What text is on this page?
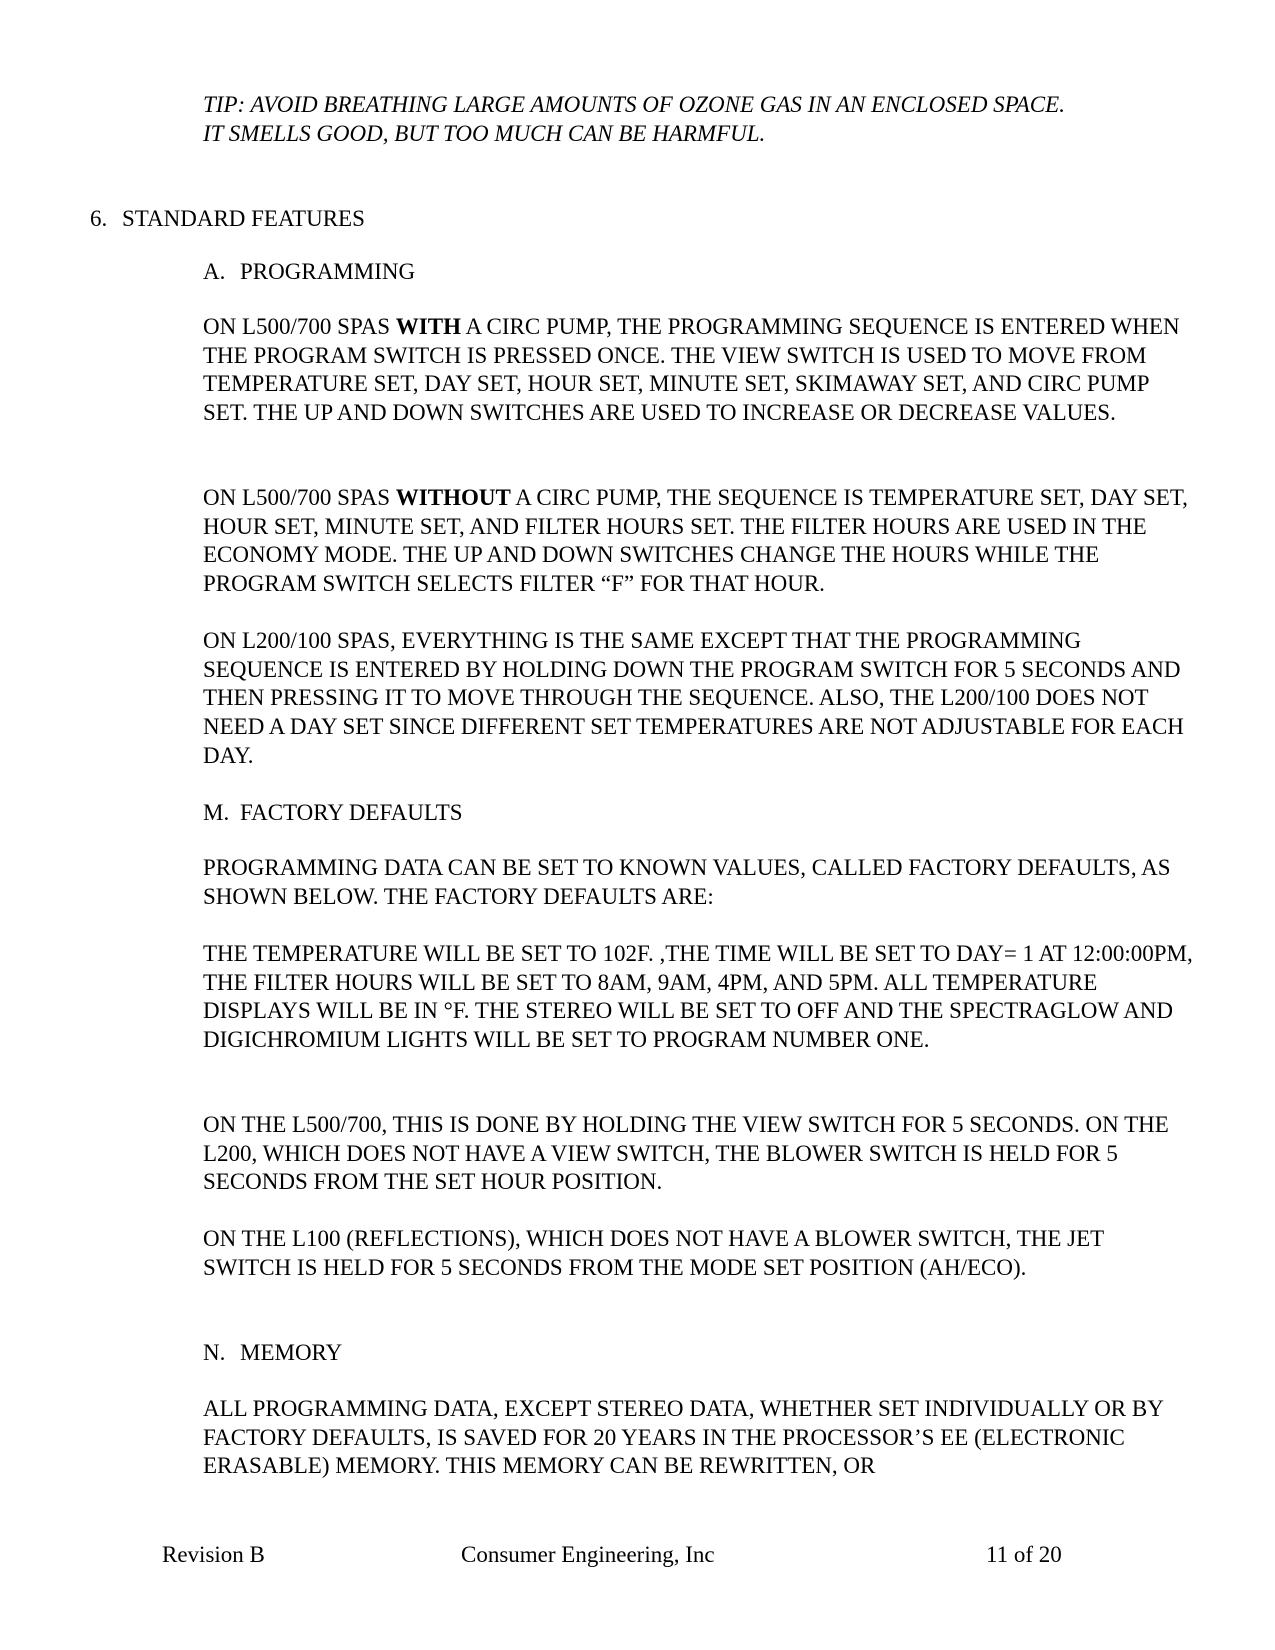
TIP: AVOID BREATHING LARGE AMOUNTS OF OZONE GAS IN AN ENCLOSED SPACE.
IT SMELLS GOOD, BUT TOO MUCH CAN BE HARMFUL.
6. STANDARD FEATURES
A. PROGRAMMING

ON L500/700 SPAS WITH A CIRC PUMP, THE PROGRAMMING SEQUENCE IS ENTERED WHEN THE PROGRAM SWITCH IS PRESSED ONCE. THE VIEW SWITCH IS USED TO MOVE FROM TEMPERATURE SET, DAY SET, HOUR SET, MINUTE SET, SKIMAWAY SET, AND CIRC PUMP SET. THE UP AND DOWN SWITCHES ARE USED TO INCREASE OR DECREASE VALUES.

ON L500/700 SPAS WITHOUT A CIRC PUMP, THE SEQUENCE IS TEMPERATURE SET, DAY SET, HOUR SET, MINUTE SET, AND FILTER HOURS SET. THE FILTER HOURS ARE USED IN THE ECONOMY MODE. THE UP AND DOWN SWITCHES CHANGE THE HOURS WHILE THE PROGRAM SWITCH SELECTS FILTER “F” FOR THAT HOUR.

ON L200/100 SPAS, EVERYTHING IS THE SAME EXCEPT THAT THE PROGRAMMING SEQUENCE IS ENTERED BY HOLDING DOWN THE PROGRAM SWITCH FOR 5 SECONDS AND THEN PRESSING IT TO MOVE THROUGH THE SEQUENCE. ALSO, THE L200/100 DOES NOT NEED A DAY SET SINCE DIFFERENT SET TEMPERATURES ARE NOT ADJUSTABLE FOR EACH DAY.

M. FACTORY DEFAULTS

PROGRAMMING DATA CAN BE SET TO KNOWN VALUES, CALLED FACTORY DEFAULTS, AS SHOWN BELOW. THE FACTORY DEFAULTS ARE:

THE TEMPERATURE WILL BE SET TO 102F. ,THE TIME WILL BE SET TO DAY= 1 AT 12:00:00PM, THE FILTER HOURS WILL BE SET TO 8AM, 9AM, 4PM, AND 5PM. ALL TEMPERATURE DISPLAYS WILL BE IN °F. THE STEREO WILL BE SET TO OFF AND THE SPECTRAGLOW AND DIGICHROMIUM LIGHTS WILL BE SET TO PROGRAM NUMBER ONE.

ON THE L500/700, THIS IS DONE BY HOLDING THE VIEW SWITCH FOR 5 SECONDS. ON THE L200, WHICH DOES NOT HAVE A VIEW SWITCH, THE BLOWER SWITCH IS HELD FOR 5 SECONDS FROM THE SET HOUR POSITION.

ON THE L100 (REFLECTIONS), WHICH DOES NOT HAVE A BLOWER SWITCH, THE JET SWITCH IS HELD FOR 5 SECONDS FROM THE MODE SET POSITION (AH/ECO).

N. MEMORY

ALL PROGRAMMING DATA, EXCEPT STEREO DATA, WHETHER SET INDIVIDUALLY OR BY FACTORY DEFAULTS, IS SAVED FOR 20 YEARS IN THE PROCESSOR’S EE (ELECTRONIC ERASABLE) MEMORY. THIS MEMORY CAN BE REWRITTEN, OR

Revision B	Consumer Engineering, Inc	11 of 20
